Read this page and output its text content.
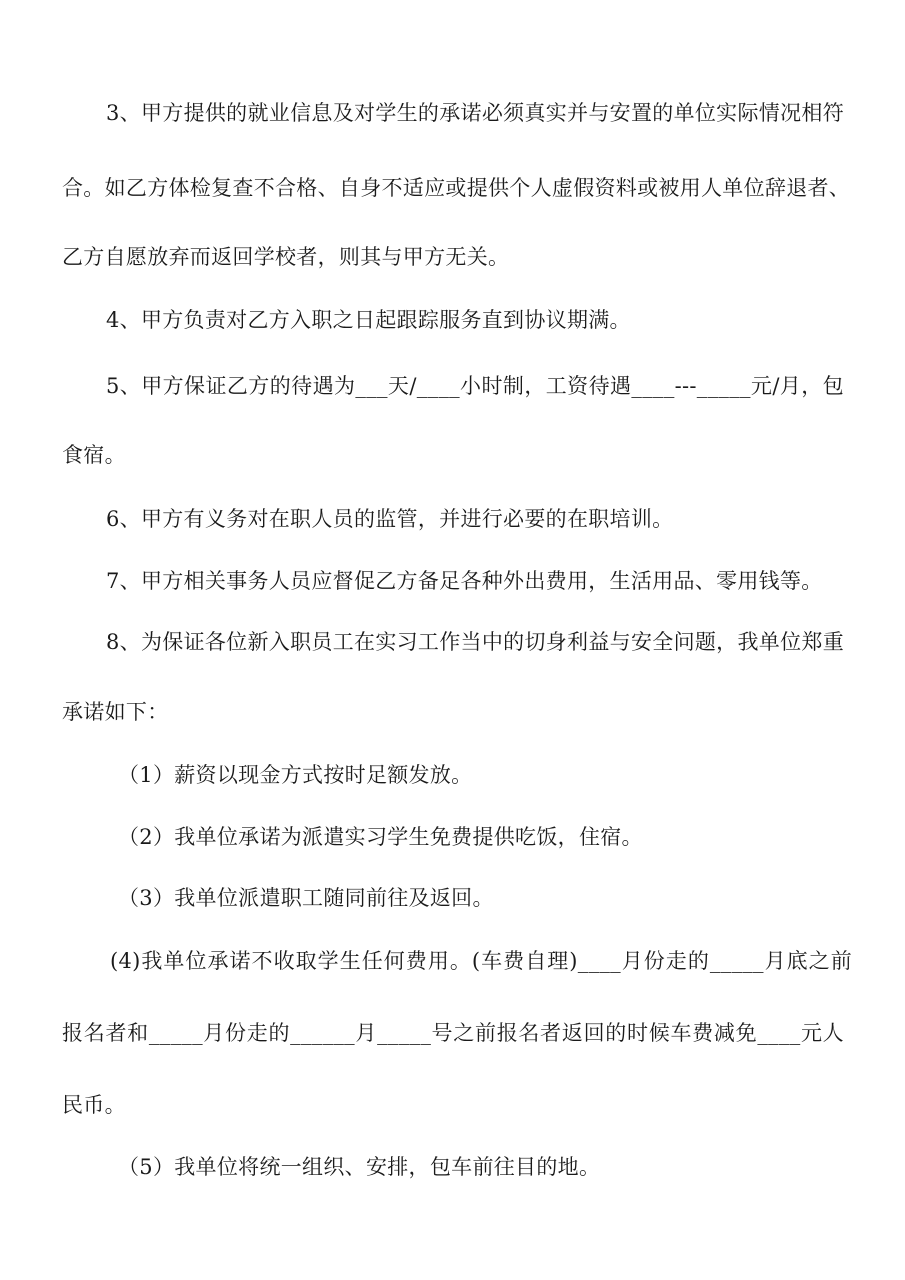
3、甲方提供的就业信息及对学生的承诺必须真实并与安置的单位实际情况相符
合。如乙方体检复查不合格、自身不适应或提供个人虚假资料或被用人单位辞退者、
乙方自愿放弃而返回学校者，则其与甲方无关。
4、甲方负责对乙方入职之日起跟踪服务直到协议期满。
5、甲方保证乙方的待遇为___天/____小时制，工资待遇____---_____元/月，包
食宿。
6、甲方有义务对在职人员的监管，并进行必要的在职培训。
7、甲方相关事务人员应督促乙方备足各种外出费用，生活用品、零用钱等。
8、为保证各位新入职员工在实习工作当中的切身利益与安全问题，我单位郑重
承诺如下：
（1）薪资以现金方式按时足额发放。
（2）我单位承诺为派遣实习学生免费提供吃饭，住宿。
（3）我单位派遣职工随同前往及返回。
(4)我单位承诺不收取学生任何费用。(车费自理)____月份走的_____月底之前
报名者和_____月份走的______月_____号之前报名者返回的时候车费减免____元人
民币。
（5）我单位将统一组织、安排，包车前往目的地。
